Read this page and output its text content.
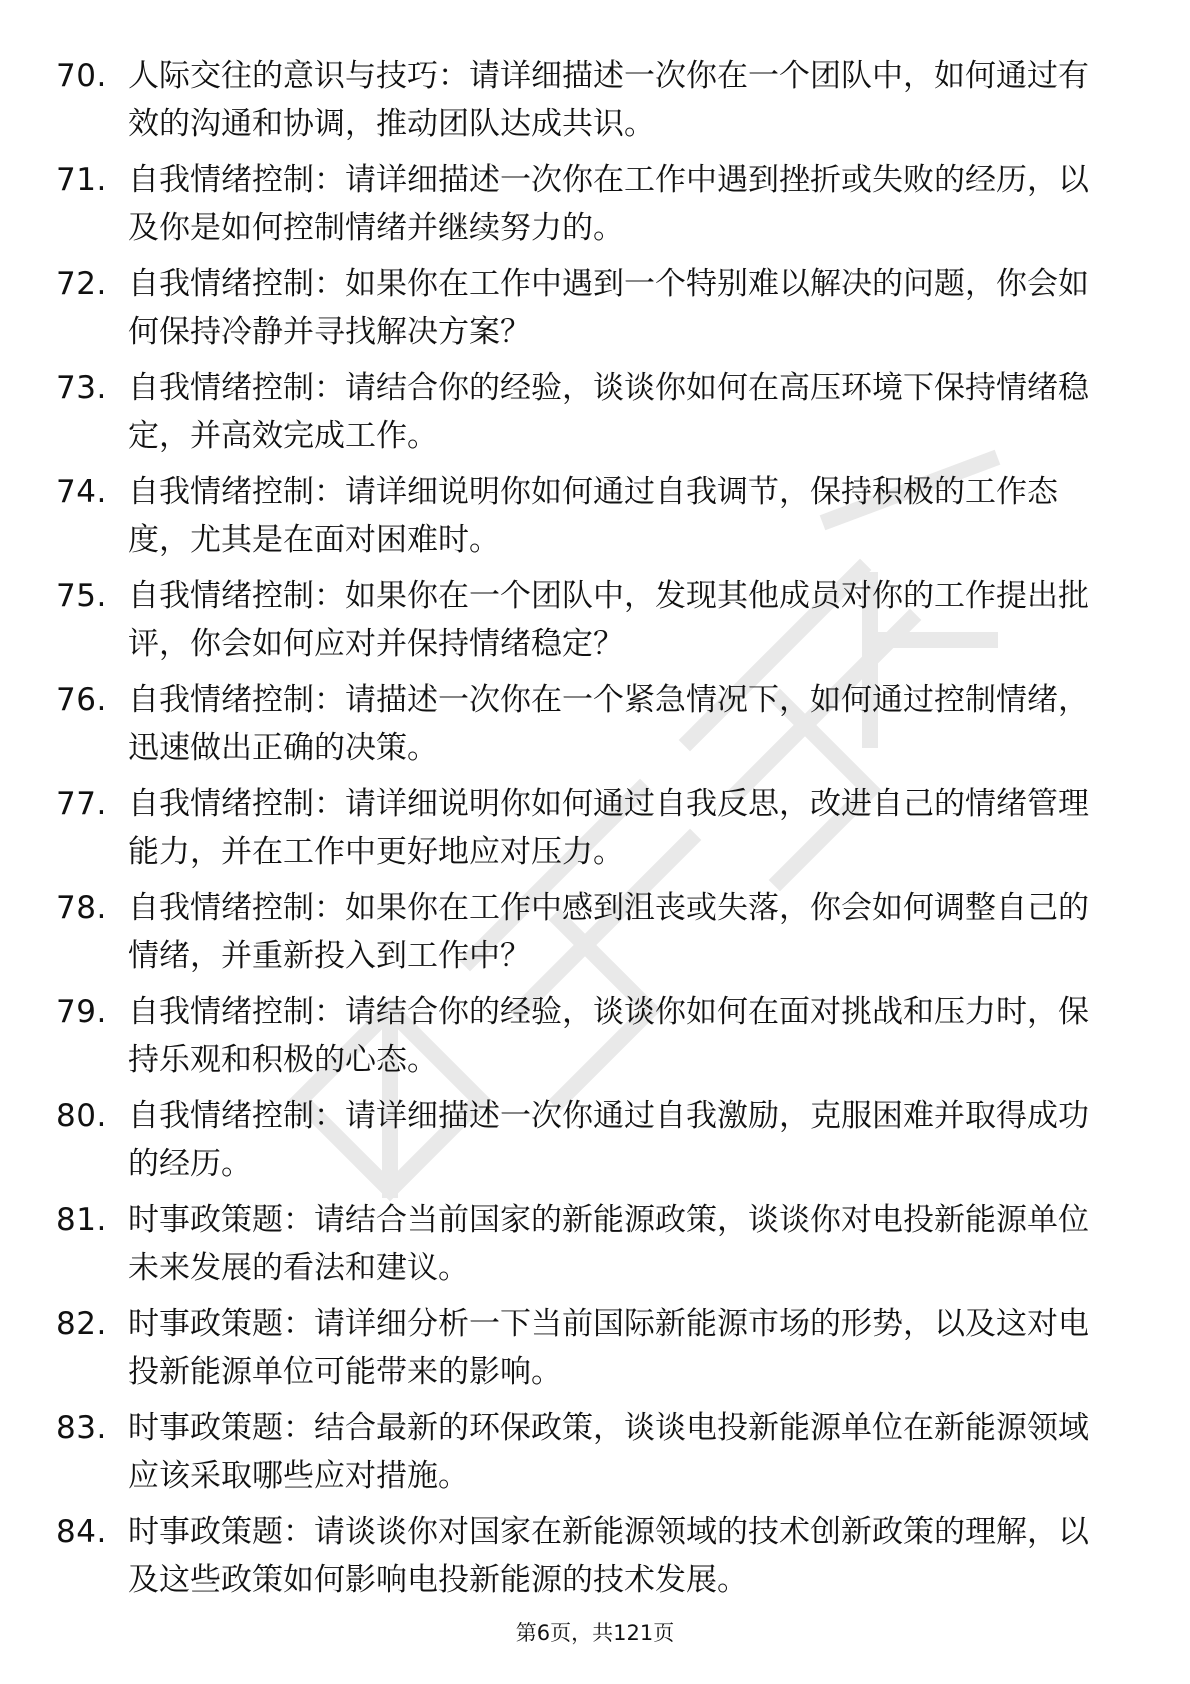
70. 人际交往的意识与技巧：请详细描述一次你在一个团队中，如何通过有效的沟通和协调，推动团队达成共识。
71. 自我情绪控制：请详细描述一次你在工作中遇到挫折或失败的经历，以及你是如何控制情绪并继续努力的。
72. 自我情绪控制：如果你在工作中遇到一个特别难以解决的问题，你会如何保持冷静并寻找解决方案？
73. 自我情绪控制：请结合你的经验，谈谈你如何在高压环境下保持情绪稳定，并高效完成工作。
74. 自我情绪控制：请详细说明你如何通过自我调节，保持积极的工作态度，尤其是在面对困难时。
75. 自我情绪控制：如果你在一个团队中，发现其他成员对你的工作提出批评，你会如何应对并保持情绪稳定？
76. 自我情绪控制：请描述一次你在一个紧急情况下，如何通过控制情绪，迅速做出正确的决策。
77. 自我情绪控制：请详细说明你如何通过自我反思，改进自己的情绪管理能力，并在工作中更好地应对压力。
78. 自我情绪控制：如果你在工作中感到沮丧或失落，你会如何调整自己的情绪，并重新投入到工作中？
79. 自我情绪控制：请结合你的经验，谈谈你如何在面对挑战和压力时，保持乐观和积极的心态。
80. 自我情绪控制：请详细描述一次你通过自我激励，克服困难并取得成功的经历。
81. 时事政策题：请结合当前国家的新能源政策，谈谈你对电投新能源单位未来发展的看法和建议。
82. 时事政策题：请详细分析一下当前国际新能源市场的形势，以及这对电投新能源单位可能带来的影响。
83. 时事政策题：结合最新的环保政策，谈谈电投新能源单位在新能源领域应该采取哪些应对措施。
84. 时事政策题：请谈谈你对国家在新能源领域的技术创新政策的理解，以及这些政策如何影响电投新能源的技术发展。
第6页，共121页
